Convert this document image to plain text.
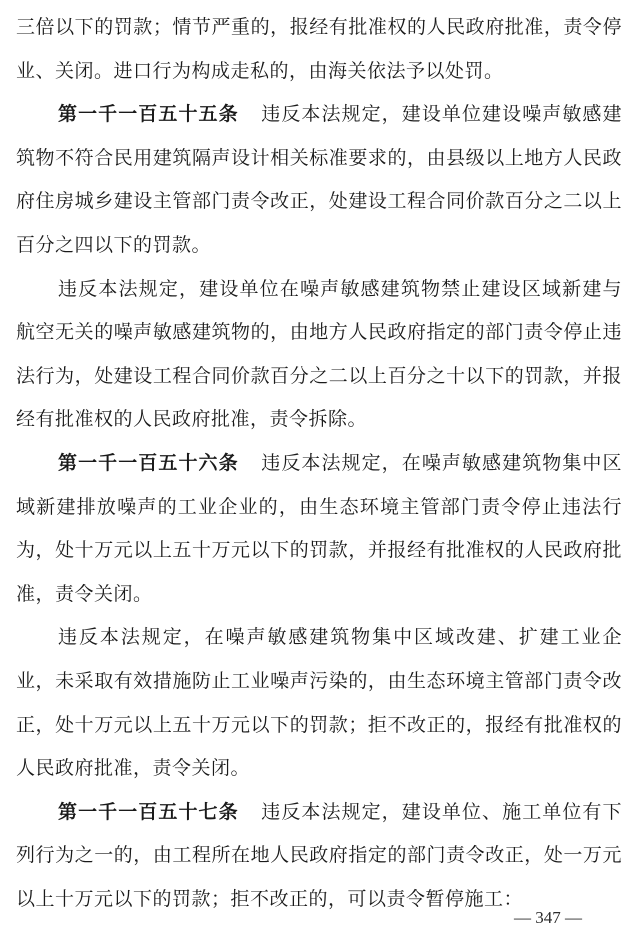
三倍以下的罚款；情节严重的，报经有批准权的人民政府批准，责令停业、关闭。进口行为构成走私的，由海关依法予以处罚。

第一千一百五十五条 违反本法规定，建设单位建设噪声敏感建筑物不符合民用建筑隔声设计相关标准要求的，由县级以上地方人民政府住房城乡建设主管部门责令改正，处建设工程合同价款百分之二以上百分之四以下的罚款。

违反本法规定，建设单位在噪声敏感建筑物禁止建设区域新建与航空无关的噪声敏感建筑物的，由地方人民政府指定的部门责令停止违法行为，处建设工程合同价款百分之二以上百分之十以下的罚款，并报经有批准权的人民政府批准，责令拆除。

第一千一百五十六条 违反本法规定，在噪声敏感建筑物集中区域新建排放噪声的工业企业的，由生态环境主管部门责令停止违法行为，处十万元以上五十万元以下的罚款，并报经有批准权的人民政府批准，责令关闭。

违反本法规定，在噪声敏感建筑物集中区域改建、扩建工业企业，未采取有效措施防止工业噪声污染的，由生态环境主管部门责令改正，处十万元以上五十万元以下的罚款；拒不改正的，报经有批准权的人民政府批准，责令关闭。

第一千一百五十七条 违反本法规定，建设单位、施工单位有下列行为之一的，由工程所在地人民政府指定的部门责令改正，处一万元以上十万元以下的罚款；拒不改正的，可以责令暂停施工：

— 347 —
